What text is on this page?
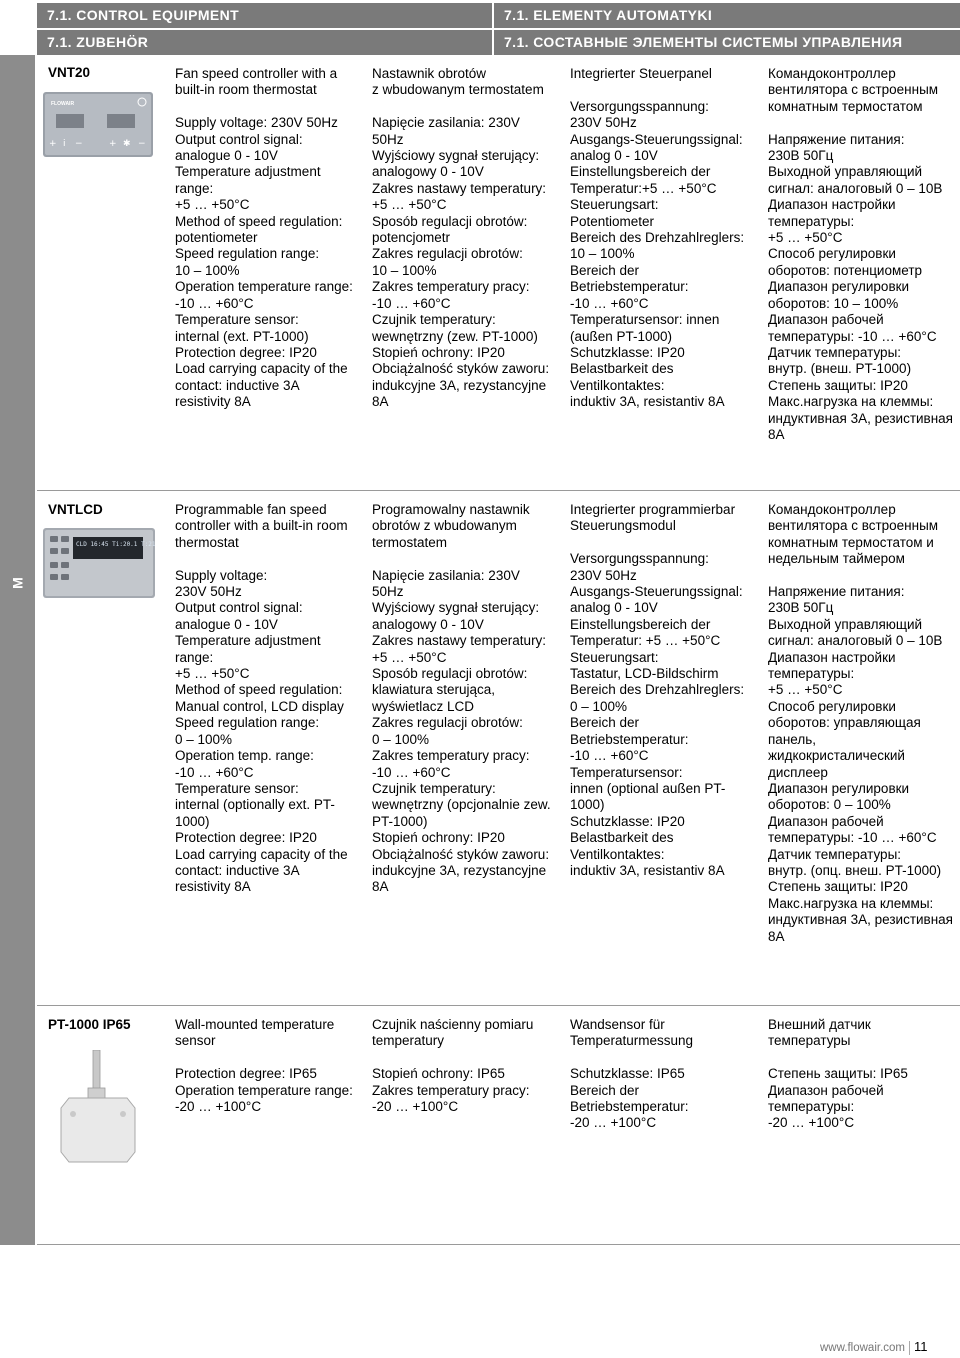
7.1. CONTROL EQUIPMENT	7.1. ELEMENTY AUTOMATYKI
7.1. ZUBEHÖR	7.1. СОСТАВНЫЕ ЭЛЕМЕНТЫ СИСТЕМЫ УПРАВЛЕНИЯ
M
VNT20
FLOWAIR
+ i −	+ ✱ −

Fan speed controller with a built-in room thermostat

Supply voltage: 230V 50Hz
Output control signal:
analogue 0 - 10V
Temperature adjustment range:
+5 … +50°C
Method of speed regulation: potentiometer
Speed regulation range:
10 – 100%
Operation temperature range:
-10 … +60°C
Temperature sensor:
internal (ext. PT-1000)
Protection degree: IP20
Load carrying capacity of the contact: inductive 3A resistivity 8A

Nastawnik obrotów
z wbudowanym termostatem

Napięcie zasilania: 230V 50Hz
Wyjściowy sygnał sterujący: analogowy 0 - 10V
Zakres nastawy temperatury:
+5 … +50°C
Sposób regulacji obrotów: potencjometr
Zakres regulacji obrotów:
10 – 100%
Zakres temperatury pracy:
-10 … +60°C
Czujnik temperatury:
wewnętrzny (zew. PT-1000)
Stopień ochrony: IP20
Obciążalność styków zaworu: indukcyjne 3A, rezystancyjne 8A

Integrierter Steuerpanel

Versorgungsspannung:
230V 50Hz
Ausgangs-Steuerungssignal:
analog 0 - 10V
Einstellungsbereich der Temperatur:+5 … +50°C
Steuerungsart:
Potentiometer
Bereich des Drehzahlreglers:
10 – 100%
Bereich der Betriebstemperatur:
-10 … +60°C
Temperatursensor: innen (außen PT-1000)
Schutzklasse: IP20
Belastbarkeit des Ventilkontaktes:
induktiv 3A, resistantiv 8A

Командоконтроллер вентилятора с встроенным комнатным термостатом

Напряжение питания:
230В 50Гц
Выходной управляющий сигнал: аналоговый 0 – 10В
Диапазон настройки температуры:
+5 … +50°C
Способ регулировки оборотов: потенциометр
Диапазон регулировки оборотов: 10 – 100%
Диапазон рабочей температуры: -10 … +60°C
Датчик температуры:
внутр. (внеш. PT-1000)
Степень защиты: IP20
Макс.нагрузка на клеммы: индуктивная 3A, резистивная 8A

VNTLCD
CLD 16:45 Ti:20.1 T:21.5

Programmable fan speed controller with a built-in room thermostat

Supply voltage:
230V 50Hz
Output control signal:
analogue 0 - 10V
Temperature adjustment range:
+5 … +50°C
Method of speed regulation:
Manual control, LCD display
Speed regulation range:
0 – 100%
Operation temp. range:
-10 … +60°C
Temperature sensor:
internal (optionally ext. PT-1000)
Protection degree: IP20
Load carrying capacity of the contact: inductive 3A resistivity 8A

Programowalny nastawnik obrotów z wbudowanym termostatem

Napięcie zasilania: 230V 50Hz
Wyjściowy sygnał sterujący: analogowy 0 - 10V
Zakres nastawy temperatury:
+5 … +50°C
Sposób regulacji obrotów: klawiatura sterująca, wyświetlacz LCD
Zakres regulacji obrotów:
0 – 100%
Zakres temperatury pracy:
-10 … +60°C
Czujnik temperatury:
wewnętrzny (opcjonalnie zew. PT-1000)
Stopień ochrony: IP20
Obciążalność styków zaworu: indukcyjne 3A, rezystancyjne 8A

Integrierter programmierbar Steuerungsmodul

Versorgungsspannung:
230V 50Hz
Ausgangs-Steuerungssignal: analog 0 - 10V
Einstellungsbereich der Temperatur: +5 … +50°C
Steuerungsart:
Tastatur, LCD-Bildschirm
Bereich des Drehzahlreglers:
0 – 100%
Bereich der Betriebstemperatur:
-10 … +60°C
Temperatursensor:
innen (optional außen PT-1000)
Schutzklasse: IP20
Belastbarkeit des Ventilkontaktes:
induktiv 3A, resistantiv 8A

Командоконтроллер вентилятора с встроенным комнатным термостатом и недельным таймером

Напряжение питания:
230В 50Гц
Выходной управляющий сигнал: аналоговый 0 – 10В
Диапазон настройки температуры:
+5 … +50°C
Способ регулировки оборотов: управляющая панель, жидкокристалический дисплеер
Диапазон регулировки оборотов: 0 – 100%
Диапазон рабочей температуры: -10 … +60°C
Датчик температуры:
внутр. (опц. внеш. PT-1000)
Степень защиты: IP20
Макс.нагрузка на клеммы: индуктивная 3A, резистивная 8A

PT-1000 IP65	Wall-mounted temperature sensor

Protection degree: IP65
Operation temperature range:
-20 … +100°C

Czujnik naścienny pomiaru temperatury

Stopień ochrony: IP65
Zakres temperatury pracy:
-20 … +100°C

Wandsensor für Temperaturmessung

Schutzklasse: IP65
Bereich der Betriebstemperatur:
-20 … +100°C

Внешний датчик температуры

Степень защиты: IP65
Диапазон рабочей температуры:
-20 … +100°C

www.flowair.com 11
